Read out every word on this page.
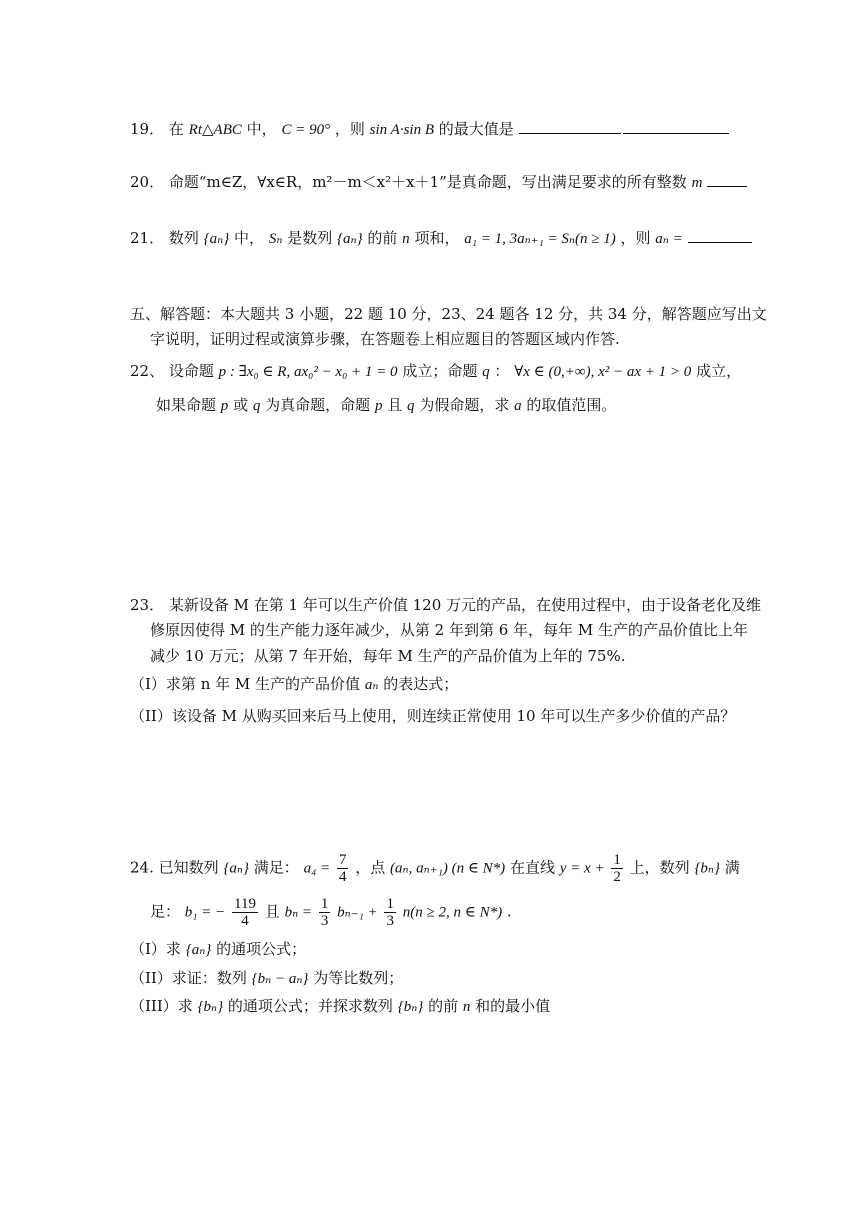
19． 在 Rt△ABC 中， C = 90° ，则 sin A·sin B 的最大值是
20． 命题“m∈Z，∀x∈R，m²－m＜x²＋x＋1”是真命题，写出满足要求的所有整数 m
21． 数列 {aₙ} 中， Sₙ 是数列 {aₙ} 的前 n 项和， a₁ = 1, 3aₙ₊₁ = Sₙ(n ≥ 1) ，则 aₙ =
五、解答题：本大题共 3 小题，22 题 10 分，23、24 题各 12 分，共 34 分，解答题应写出文
字说明，证明过程或演算步骤，在答题卷上相应题目的答题区域内作答.
22、 设命题 p : ∃x₀ ∈ R, ax₀² − x₀ + 1 = 0 成立；命题 q ： ∀x ∈ (0,+∞), x² − ax + 1 > 0 成立，
如果命题 p 或 q 为真命题，命题 p 且 q 为假命题，求 a 的取值范围。
23． 某新设备 M 在第 1 年可以生产价值 120 万元的产品，在使用过程中，由于设备老化及维
修原因使得 M 的生产能力逐年减少，从第 2 年到第 6 年，每年 M 生产的产品价值比上年
减少 10 万元；从第 7 年开始，每年 M 生产的产品价值为上年的 75%.
（I）求第 n 年 M 生产的产品价值 aₙ 的表达式；
（II）该设备 M 从购买回来后马上使用，则连续正常使用 10 年可以生产多少价值的产品？
24. 已知数列 {aₙ} 满足： $a_4 = \frac{7}{4}$ ，点 (aₙ, aₙ₊₁) (n ∈ N*) 在直线 $y = x + \frac{1}{2}$ 上，数列 {bₙ} 满
足： b₁ = − $\frac{119}{4}$ 且 $b_n = \frac{1}{3} b_{n-1} + \frac{1}{3} n(n \ge 2$, n ∈ N*) .
（I）求 {aₙ} 的通项公式；
（II）求证：数列 {bₙ − aₙ} 为等比数列；
（III）求 {bₙ} 的通项公式；并探求数列 {bₙ} 的前 n 和的最小值
